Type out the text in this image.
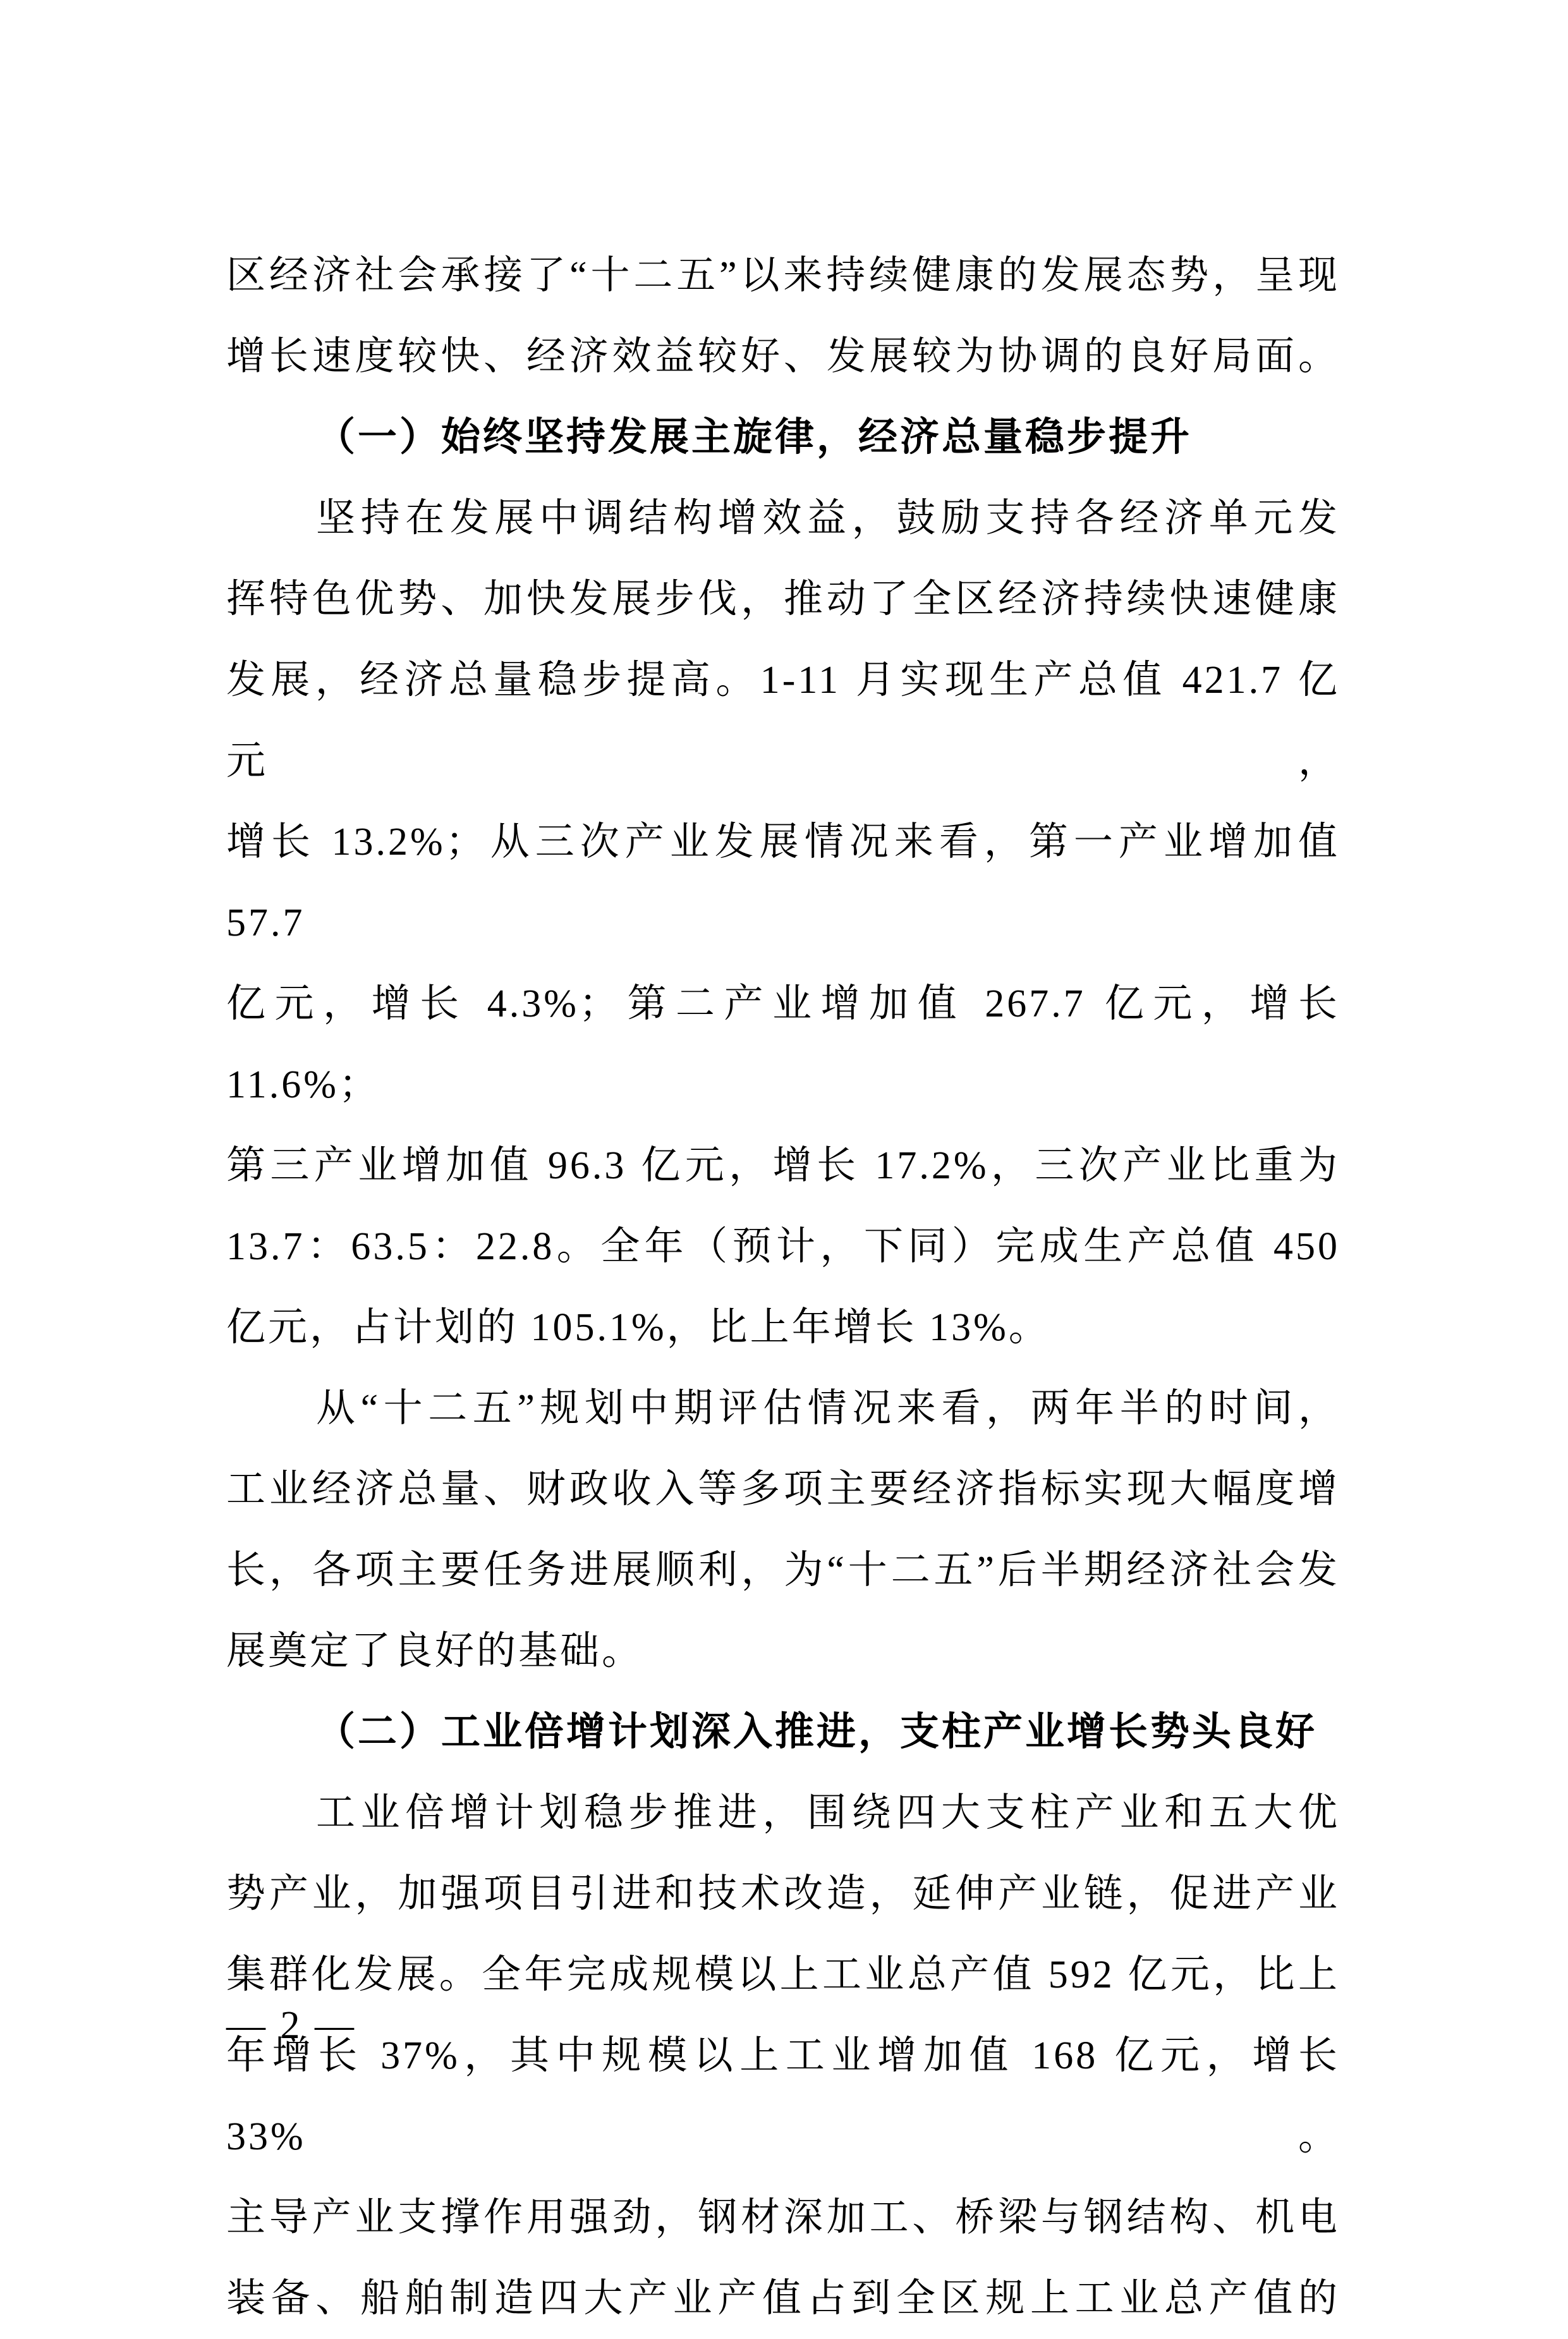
区经济社会承接了“十二五”以来持续健康的发展态势，呈现
增长速度较快、经济效益较好、发展较为协调的良好局面。
（一）始终坚持发展主旋律，经济总量稳步提升
坚持在发展中调结构增效益，鼓励支持各经济单元发
挥特色优势、加快发展步伐，推动了全区经济持续快速健康
发展，经济总量稳步提高。1-11 月实现生产总值 421.7 亿元，
增长 13.2%；从三次产业发展情况来看，第一产业增加值 57.7
亿元，增长 4.3%；第二产业增加值 267.7 亿元，增长 11.6%；
第三产业增加值 96.3 亿元，增长 17.2%，三次产业比重为
13.7：63.5：22.8。全年（预计，下同）完成生产总值 450
亿元，占计划的 105.1%，比上年增长 13%。
从“十二五”规划中期评估情况来看，两年半的时间，
工业经济总量、财政收入等多项主要经济指标实现大幅度增
长，各项主要任务进展顺利，为“十二五”后半期经济社会发
展奠定了良好的基础。
（二）工业倍增计划深入推进，支柱产业增长势头良好
工业倍增计划稳步推进，围绕四大支柱产业和五大优
势产业，加强项目引进和技术改造，延伸产业链，促进产业
集群化发展。全年完成规模以上工业总产值 592 亿元，比上
年增长 37%，其中规模以上工业增加值 168 亿元，增长 33%。
主导产业支撑作用强劲，钢材深加工、桥梁与钢结构、机电
装备、船舶制造四大产业产值占到全区规上工业总产值的
— 2 —
